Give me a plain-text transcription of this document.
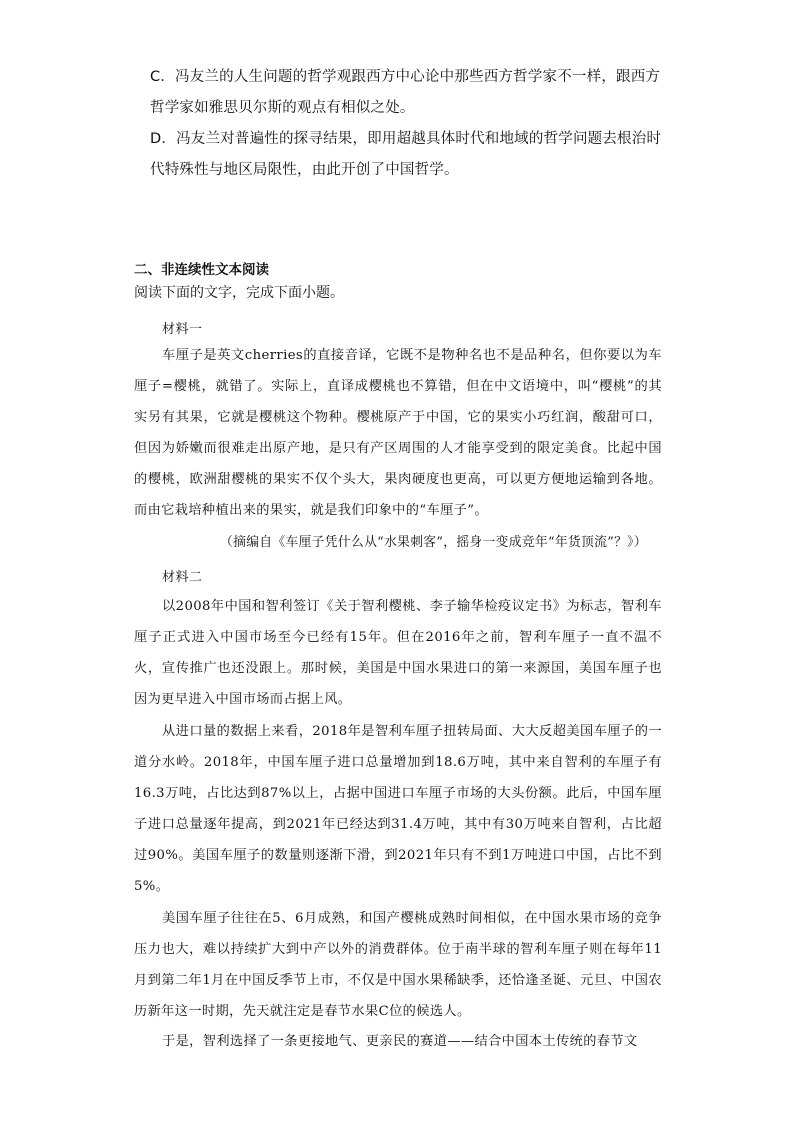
C．冯友兰的人生问题的哲学观跟西方中心论中那些西方哲学家不一样，跟西方哲学家如雅思贝尔斯的观点有相似之处。

D．冯友兰对普遍性的探寻结果，即用超越具体时代和地域的哲学问题去根治时代特殊性与地区局限性，由此开创了中国哲学。

二、非连续性文本阅读

阅读下面的文字，完成下面小题。

材料一

车厘子是英文cherries的直接音译，它既不是物种名也不是品种名，但你要以为车厘子=樱桃，就错了。实际上，直译成樱桃也不算错，但在中文语境中，叫“樱桃”的其实另有其果，它就是樱桃这个物种。樱桃原产于中国，它的果实小巧红润，酸甜可口，但因为娇嫩而很难走出原产地，是只有产区周围的人才能享受到的限定美食。比起中国的樱桃，欧洲甜樱桃的果实不仅个头大，果肉硬度也更高，可以更方便地运输到各地。而由它栽培种植出来的果实，就是我们印象中的“车厘子”。

（摘编自《车厘子凭什么从“水果刺客”，摇身一变成竞年“年货顶流”？》）

材料二

以2008年中国和智利签订《关于智利樱桃、李子输华检疫议定书》为标志，智利车厘子正式进入中国市场至今已经有15年。但在2016年之前，智利车厘子一直不温不火，宣传推广也还没跟上。那时候，美国是中国水果进口的第一来源国，美国车厘子也因为更早进入中国市场而占据上风。

从进口量的数据上来看，2018年是智利车厘子扭转局面、大大反超美国车厘子的一道分水岭。2018年，中国车厘子进口总量增加到18.6万吨，其中来自智利的车厘子有16.3万吨，占比达到87%以上，占据中国进口车厘子市场的大头份额。此后，中国车厘子进口总量逐年提高，到2021年已经达到31.4万吨，其中有30万吨来自智利，占比超过90%。美国车厘子的数量则逐渐下滑，到2021年只有不到1万吨进口中国，占比不到5%。

美国车厘子往往在5、6月成熟，和国产樱桃成熟时间相似，在中国水果市场的竞争压力也大，难以持续扩大到中产以外的消费群体。位于南半球的智利车厘子则在每年11月到第二年1月在中国反季节上市，不仅是中国水果稀缺季，还恰逢圣诞、元旦、中国农历新年这一时期，先天就注定是春节水果C位的候选人。

于是，智利选择了一条更接地气、更亲民的赛道——结合中国本土传统的春节文
